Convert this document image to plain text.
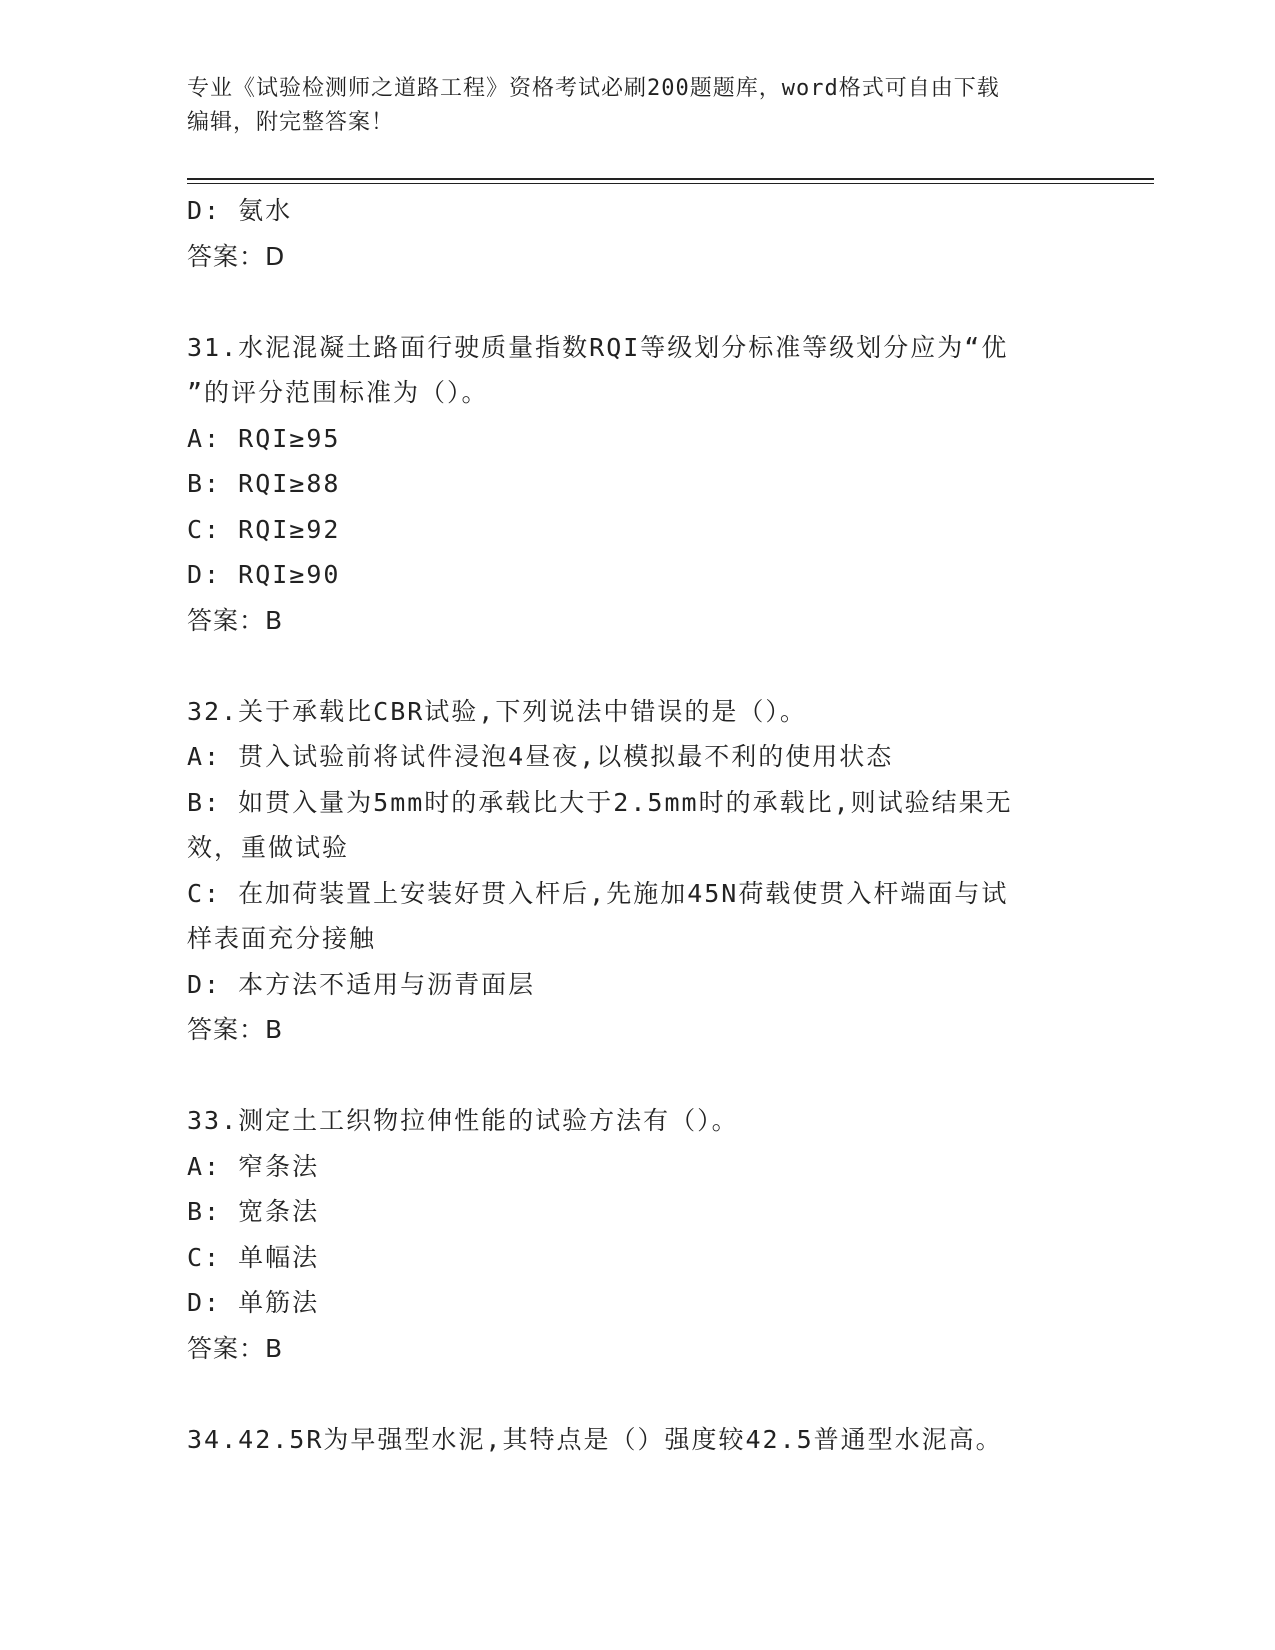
专业《试验检测师之道路工程》资格考试必刷200题题库，word格式可自由下载
编辑，附完整答案！
D: 氨水
答案：D
31.水泥混凝土路面行驶质量指数RQI等级划分标准等级划分应为“优
”的评分范围标准为（）。
A: RQI≥95
B: RQI≥88
C: RQI≥92
D: RQI≥90
答案：B
32.关于承载比CBR试验,下列说法中错误的是（）。
A: 贯入试验前将试件浸泡4昼夜,以模拟最不利的使用状态
B: 如贯入量为5mm时的承载比大于2.5mm时的承载比,则试验结果无
效，重做试验
C: 在加荷装置上安装好贯入杆后,先施加45N荷载使贯入杆端面与试
样表面充分接触
D: 本方法不适用与沥青面层
答案：B
33.测定土工织物拉伸性能的试验方法有（）。
A: 窄条法
B: 宽条法
C: 单幅法
D: 单筋法
答案：B
34.42.5R为早强型水泥,其特点是（）强度较42.5普通型水泥高。
